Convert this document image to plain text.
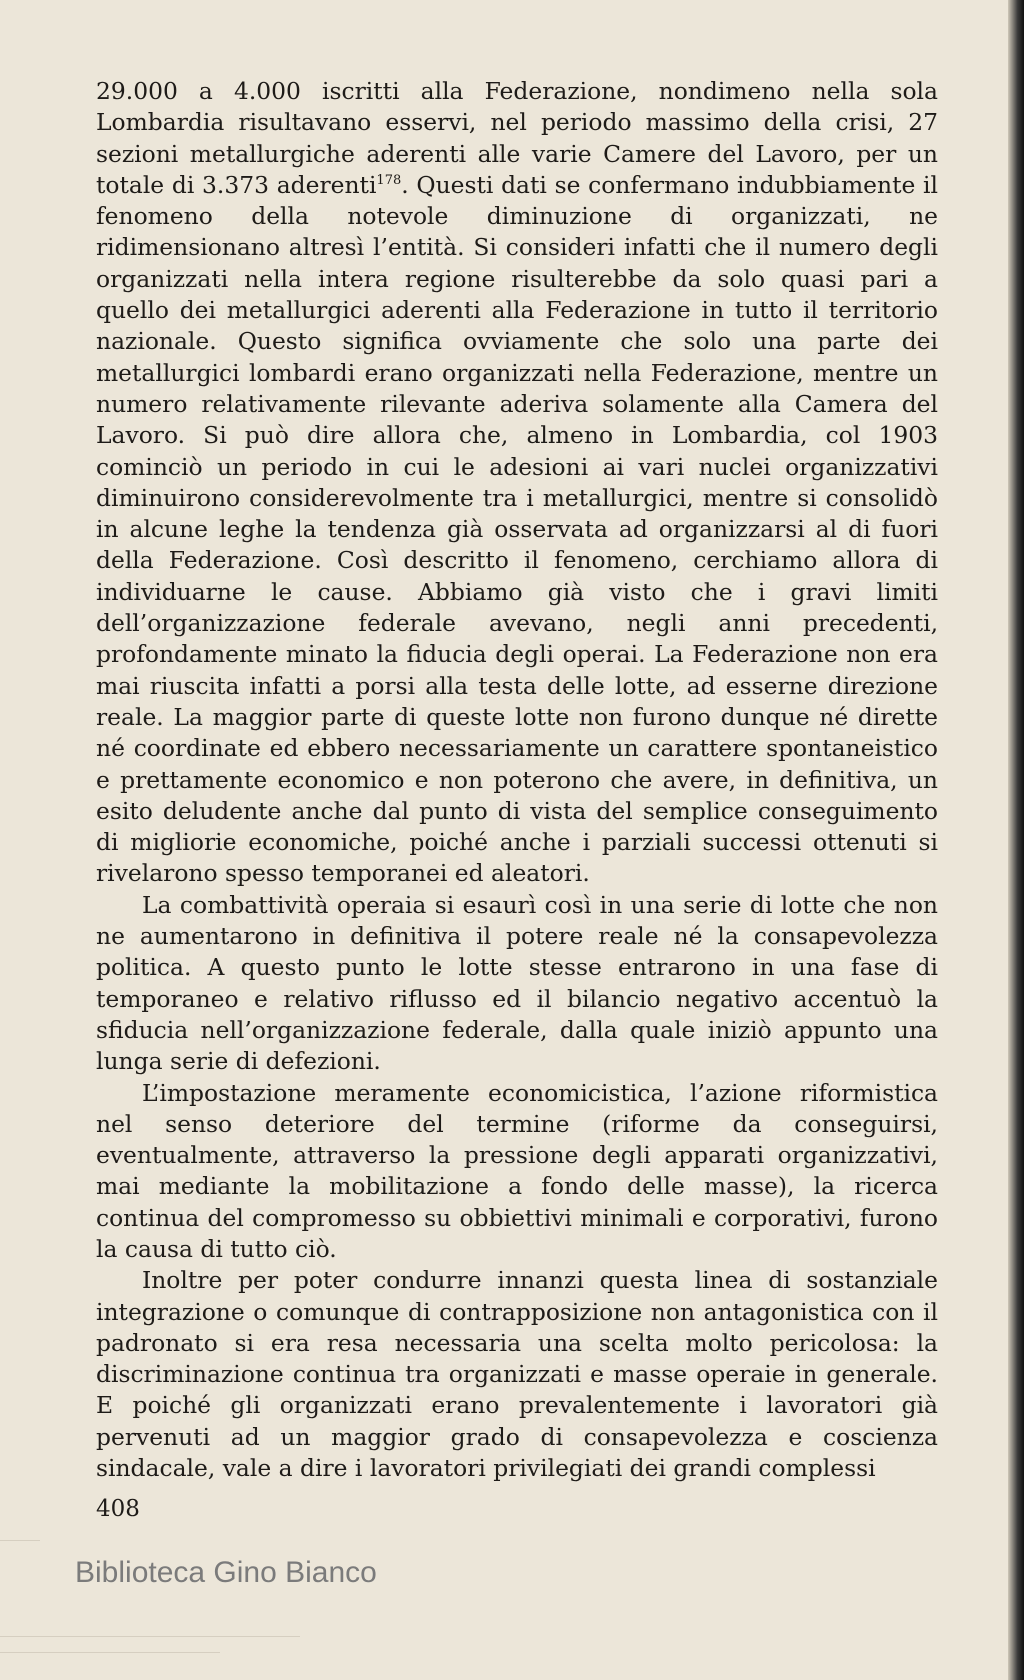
29.000 a 4.000 iscritti alla Federazione, nondimeno nella sola Lombardia risultavano esservi, nel periodo massimo della crisi, 27 sezioni metallurgiche aderenti alle varie Camere del Lavoro, per un totale di 3.373 aderenti$^{178}$. Questi dati se confermano indubbiamente il fenomeno della notevole diminuzione di organizzati, ne ridimensionano altresì l’entità. Si consideri infatti che il numero degli organizzati nella intera regione risulterebbe da solo quasi pari a quello dei metallurgici aderenti alla Federazione in tutto il territorio nazionale. Questo significa ovviamente che solo una parte dei metallurgici lombardi erano organizzati nella Federazione, mentre un numero relativamente rilevante aderiva solamente alla Camera del Lavoro. Si può dire allora che, almeno in Lombardia, col 1903 cominciò un periodo in cui le adesioni ai vari nuclei organizzativi diminuirono considerevolmente tra i metallurgici, mentre si consolidò in alcune leghe la tendenza già osservata ad organizzarsi al di fuori della Federazione. Così descritto il fenomeno, cerchiamo allora di individuarne le cause. Abbiamo già visto che i gravi limiti dell’organizzazione federale avevano, negli anni precedenti, profondamente minato la fiducia degli operai. La Federazione non era mai riuscita infatti a porsi alla testa delle lotte, ad esserne direzione reale. La maggior parte di queste lotte non furono dunque né dirette né coordinate ed ebbero necessariamente un carattere spontaneistico e prettamente economico e non poterono che avere, in definitiva, un esito deludente anche dal punto di vista del semplice conseguimento di migliorie economiche, poiché anche i parziali successi ottenuti si rivelarono spesso temporanei ed aleatori.

La combattività operaia si esaurì così in una serie di lotte che non ne aumentarono in definitiva il potere reale né la consapevolezza politica. A questo punto le lotte stesse entrarono in una fase di temporaneo e relativo riflusso ed il bilancio negativo accentuò la sfiducia nell’organizzazione federale, dalla quale iniziò appunto una lunga serie di defezioni.

L’impostazione meramente economicistica, l’azione riformistica nel senso deteriore del termine (riforme da conseguirsi, eventualmente, attraverso la pressione degli apparati organizzativi, mai mediante la mobilitazione a fondo delle masse), la ricerca continua del compromesso su obbiettivi minimali e corporativi, furono la causa di tutto ciò.

Inoltre per poter condurre innanzi questa linea di sostanziale integrazione o comunque di contrapposizione non antagonistica con il padronato si era resa necessaria una scelta molto pericolosa: la discriminazione continua tra organizzati e masse operaie in generale. E poiché gli organizzati erano prevalentemente i lavoratori già pervenuti ad un maggior grado di consapevolezza e coscienza sindacale, vale a dire i lavoratori privilegiati dei grandi complessi

408
Biblioteca Gino Bianco
